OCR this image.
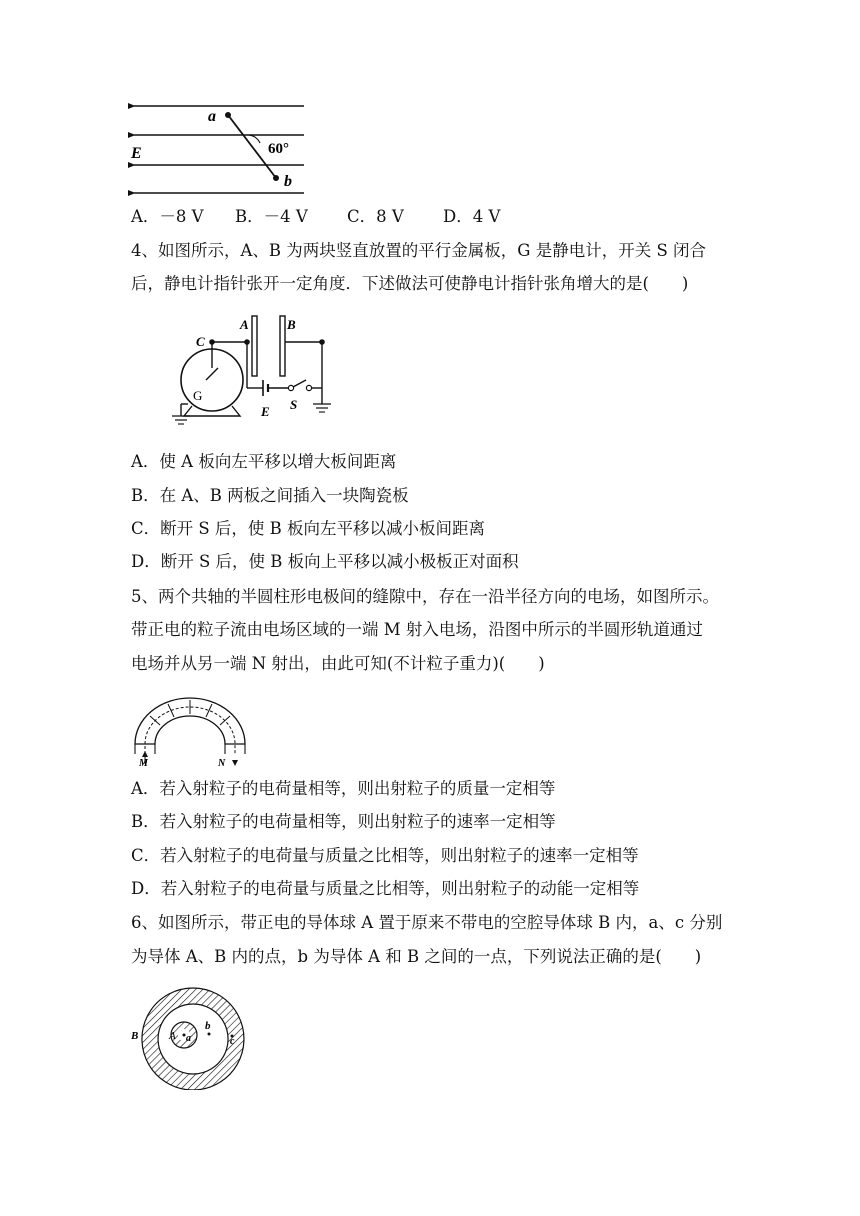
a
b
E	60°
A．－8 V B．－4 V C．8 V D．4 V
4、如图所示，A、B 为两块竖直放置的平行金属板，G 是静电计，开关 S 闭合
后，静电计指针张开一定角度．下述做法可使静电计指针张角增大的是(　　)
C
A	B
G
E S
A．使 A 板向左平移以增大板间距离
B．在 A、B 两板之间插入一块陶瓷板
C．断开 S 后，使 B 板向左平移以减小板间距离
D．断开 S 后，使 B 板向上平移以减小极板正对面积
5、两个共轴的半圆柱形电极间的缝隙中，存在一沿半径方向的电场，如图所示。
带正电的粒子流由电场区域的一端 M 射入电场，沿图中所示的半圆形轨道通过
电场并从另一端 N 射出，由此可知(不计粒子重力)(　　)
M	N
A．若入射粒子的电荷量相等，则出射粒子的质量一定相等
B．若入射粒子的电荷量相等，则出射粒子的速率一定相等
C．若入射粒子的电荷量与质量之比相等，则出射粒子的速率一定相等
D．若入射粒子的电荷量与质量之比相等，则出射粒子的动能一定相等
6、如图所示，带正电的导体球 A 置于原来不带电的空腔导体球 B 内，a、c 分别
为导体 A、B 内的点，b 为导体 A 和 B 之间的一点，下列说法正确的是(　　)
B	A a
b
c
